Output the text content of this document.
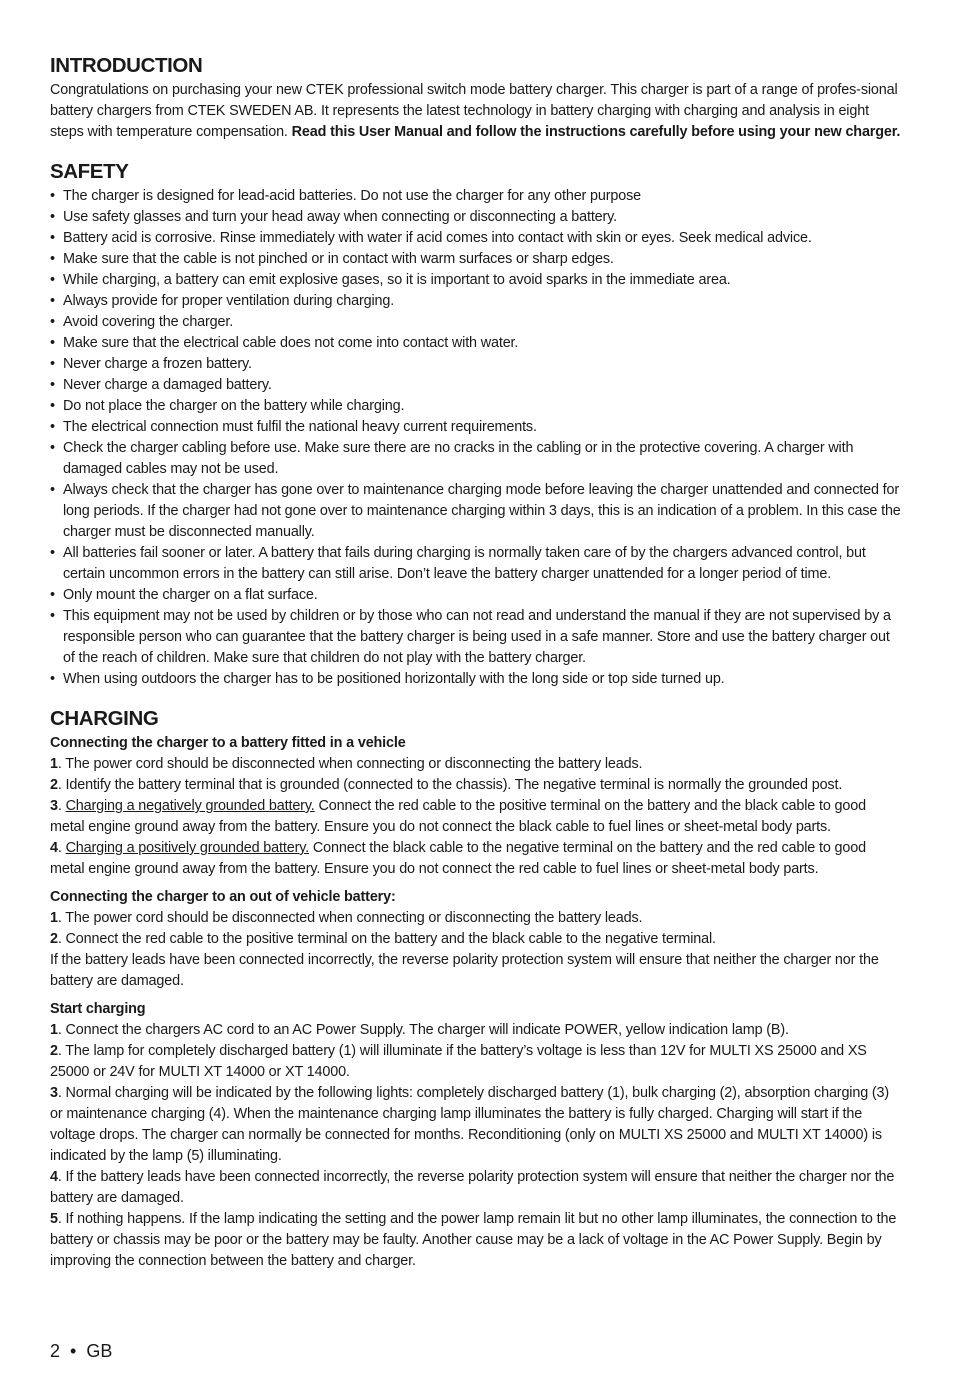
INTRODUCTION

Congratulations on purchasing your new CTEK professional switch mode battery charger. This charger is part of a range of profes-sional battery chargers from CTEK SWEDEN AB. It represents the latest technology in battery charging with charging and analysis in eight steps with temperature compensation. Read this User Manual and follow the instructions carefully before using your new charger.

SAFETY
• The charger is designed for lead-acid batteries. Do not use the charger for any other purpose
• Use safety glasses and turn your head away when connecting or disconnecting a battery.
• Battery acid is corrosive. Rinse immediately with water if acid comes into contact with skin or eyes. Seek medical advice.
• Make sure that the cable is not pinched or in contact with warm surfaces or sharp edges.
• While charging, a battery can emit explosive gases, so it is important to avoid sparks in the immediate area.
• Always provide for proper ventilation during charging.
• Avoid covering the charger.
• Make sure that the electrical cable does not come into contact with water.
• Never charge a frozen battery.
• Never charge a damaged battery.
• Do not place the charger on the battery while charging.
• The electrical connection must fulfil the national heavy current requirements.
• Check the charger cabling before use. Make sure there are no cracks in the cabling or in the protective covering. A charger with damaged cables may not be used.
• Always check that the charger has gone over to maintenance charging mode before leaving the charger unattended and connected for long periods. If the charger had not gone over to maintenance charging within 3 days, this is an indication of a problem. In this case the charger must be disconnected manually.
• All batteries fail sooner or later. A battery that fails during charging is normally taken care of by the chargers advanced control, but certain uncommon errors in the battery can still arise. Don’t leave the battery charger unattended for a longer period of time.
• Only mount the charger on a flat surface.
• This equipment may not be used by children or by those who can not read and understand the manual if they are not supervised by a responsible person who can guarantee that the battery charger is being used in a safe manner. Store and use the battery charger out of the reach of children. Make sure that children do not play with the battery charger.
• When using outdoors the charger has to be positioned horizontally with the long side or top side turned up.
CHARGING

Connecting the charger to a battery fitted in a vehicle

1. The power cord should be disconnected when connecting or disconnecting the battery leads.

2. Identify the battery terminal that is grounded (connected to the chassis). The negative terminal is normally the grounded post.

3. Charging a negatively grounded battery. Connect the red cable to the positive terminal on the battery and the black cable to good metal engine ground away from the battery. Ensure you do not connect the black cable to fuel lines or sheet-metal body parts.

4. Charging a positively grounded battery. Connect the black cable to the negative terminal on the battery and the red cable to good metal engine ground away from the battery. Ensure you do not connect the red cable to fuel lines or sheet-metal body parts.

Connecting the charger to an out of vehicle battery:

1. The power cord should be disconnected when connecting or disconnecting the battery leads.

2. Connect the red cable to the positive terminal on the battery and the black cable to the negative terminal.

If the battery leads have been connected incorrectly, the reverse polarity protection system will ensure that neither the charger nor the battery are damaged.

Start charging

1. Connect the chargers AC cord to an AC Power Supply. The charger will indicate POWER, yellow indication lamp (B).

2. The lamp for completely discharged battery (1) will illuminate if the battery’s voltage is less than 12V for MULTI XS 25000 and XS 25000 or 24V for MULTI XT 14000 or XT 14000.

3. Normal charging will be indicated by the following lights: completely discharged battery (1), bulk charging (2), absorption charging (3) or maintenance charging (4). When the maintenance charging lamp illuminates the battery is fully charged. Charging will start if the voltage drops. The charger can normally be connected for months. Reconditioning (only on MULTI XS 25000 and MULTI XT 14000) is indicated by the lamp (5) illuminating.

4. If the battery leads have been connected incorrectly, the reverse polarity protection system will ensure that neither the charger nor the battery are damaged.

5. If nothing happens. If the lamp indicating the setting and the power lamp remain lit but no other lamp illuminates, the connection to the battery or chassis may be poor or the battery may be faulty. Another cause may be a lack of voltage in the AC Power Supply. Begin by improving the connection between the battery and charger.

2 • GB
